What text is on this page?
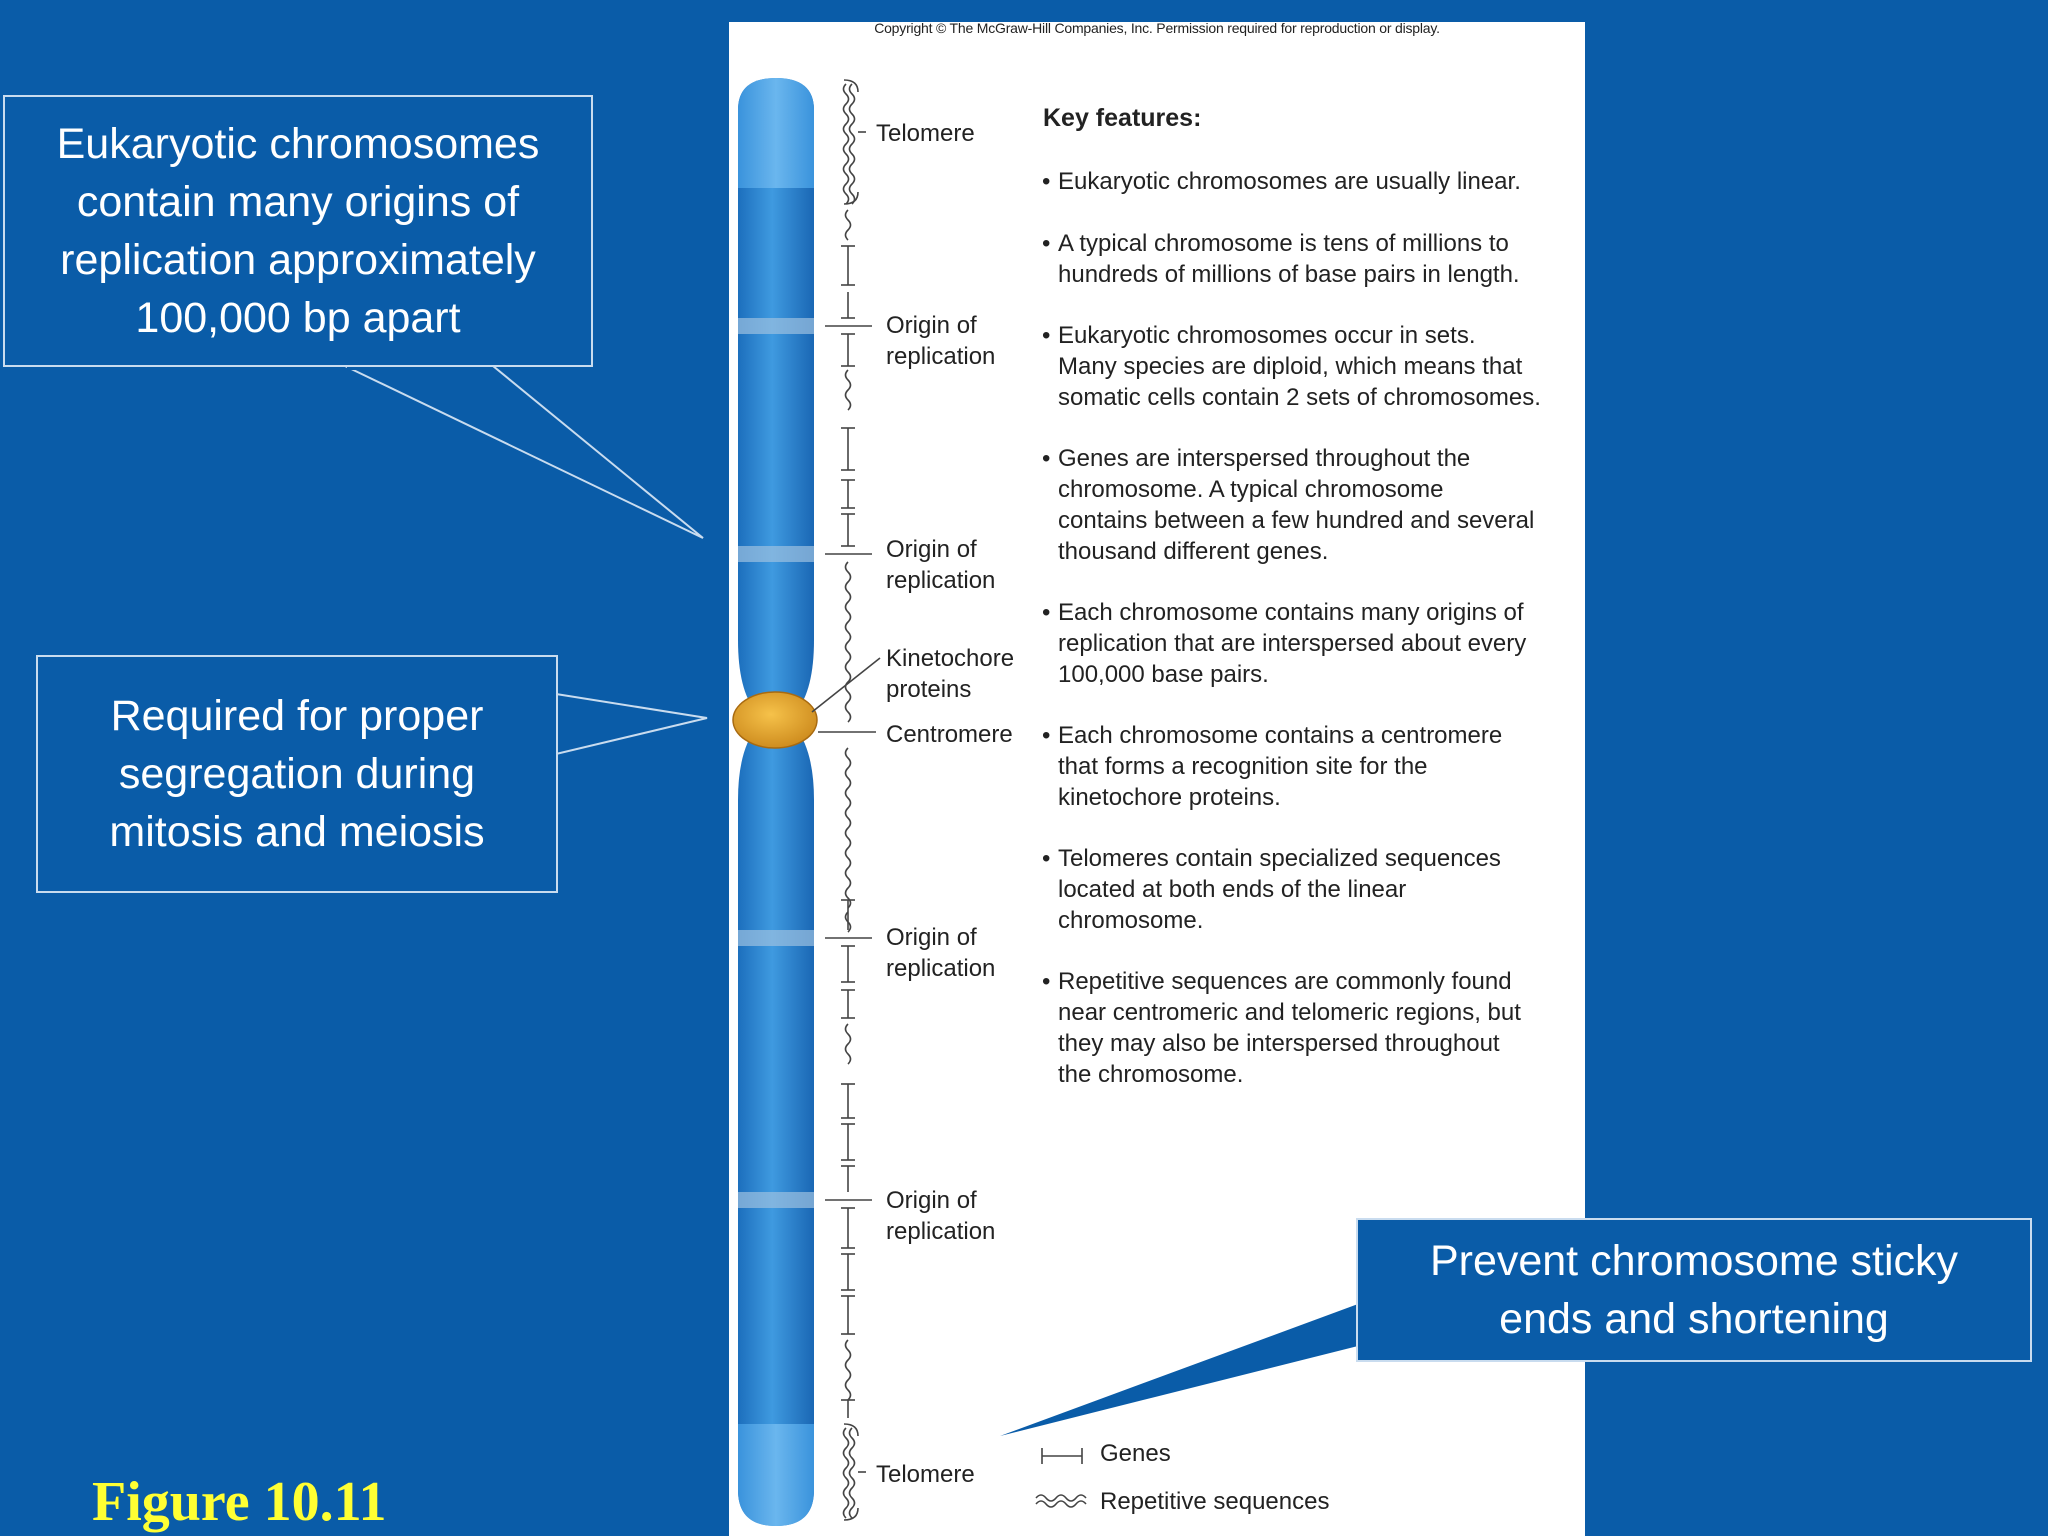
Copyright © The McGraw-Hill Companies, Inc. Permission required for reproduction or display.
Telomere
Origin of
replication
Origin of
replication
Kinetochore
proteins
Centromere
Origin of
replication
Origin of
replication
Telomere
Key features:
• Eukaryotic chromosomes are usually linear.
• A typical chromosome is tens of millions to
hundreds of millions of base pairs in length.
• Eukaryotic chromosomes occur in sets.
Many species are diploid, which means that
somatic cells contain 2 sets of chromosomes.
• Genes are interspersed throughout the
chromosome. A typical chromosome
contains between a few hundred and several
thousand different genes.
• Each chromosome contains many origins of
replication that are interspersed about every
100,000 base pairs.
• Each chromosome contains a centromere
that forms a recognition site for the
kinetochore proteins.
• Telomeres contain specialized sequences
located at both ends of the linear
chromosome.
• Repetitive sequences are commonly found
near centromeric and telomeric regions, but
they may also be interspersed throughout
the chromosome.
Genes
Repetitive sequences
Eukaryotic chromosomes
contain many origins of
replication approximately
100,000 bp apart
Required for proper
segregation during
mitosis and meiosis
Prevent chromosome sticky
ends and shortening
Figure 10.11
